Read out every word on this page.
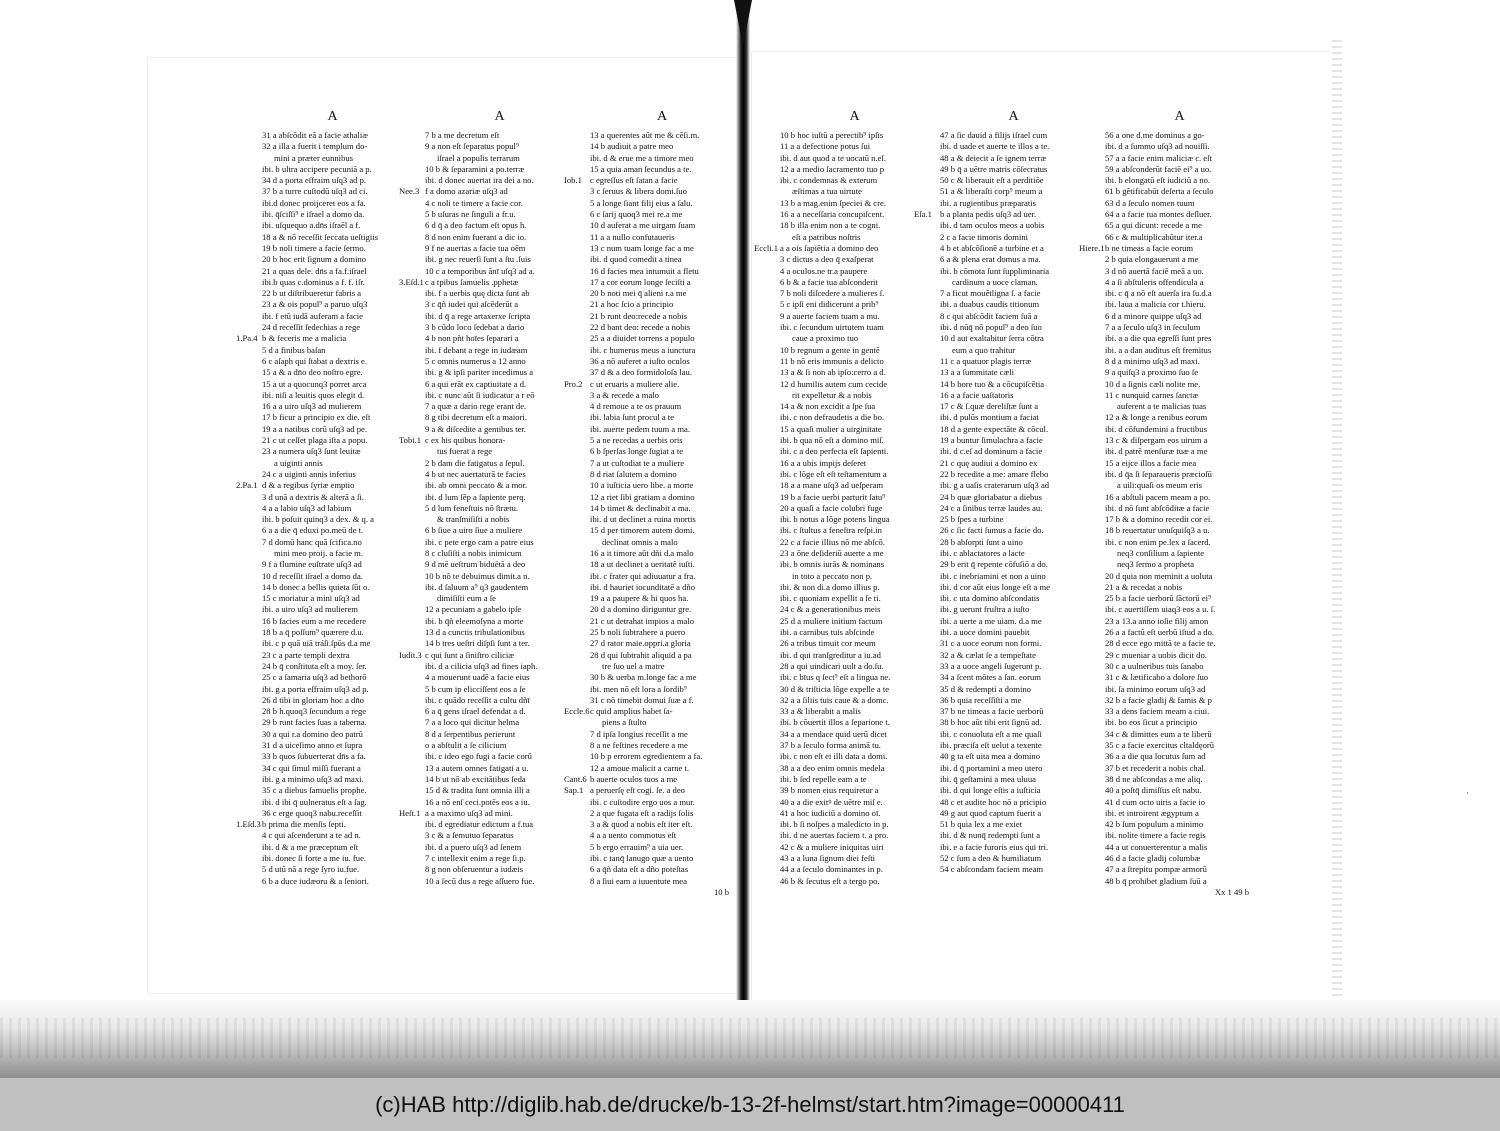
A
31 a abſcōdit eā a facie athaliæ
32 a illa a fuerit i templum do-
mini a præter eunnibus
ibi. b ultra accipere pecuniā a p.
34 d a porta eſfraim uſq3 ad p.
37 b a turre cuſtodū uſq3 ad ci.
ibi.d donec proijceret eos a fa.
ibi. q̄ſciſſi⁹ e iſrael a domo da.
ibi. uſquequo a.dn̄s iſraēl a f.
18 a & nō receſſit ſeccata ueſtigiis
19 b noli timere a facie ſermo.
20 b hoc erit ſignum a domino
21 a quas dele. dn̄s a fa.f.iſrael
ibi.b quas c.dominus a f. f. iſr.
22 b ut diſtribueretur fabris a
23 a & ois popul⁹ a paruo uſq3
ibi. f etū iudā auferam a facie
24 d receſſit ſedechias a rege
1.Pa.4 b & feceris me a malicia
5 d a finibus baſan
6 c aſaph qui ſtabat a dextris e.
15 a & a dn̄o deo noſtro egre.
15 a ut a quocunq3 porret arca
ibi. niſi a leuitis quos elegit d.
16 a a uiro uſq3 ad mulierem
17 b ficur a principio ex die. eſt
19 a a natibus corū uſq3 ad pe.
21 c ut ceſſet plaga iſta a popu.
23 a numera uſq3 ſunt leuitæ
a uiginti annis
24 c a uiginti annis inferius
2.Pa.1 d & a regibus ſyriæ emptio
3 d unā a dextris & alterā a ſi.
4 a a labio uſq3 ad labium
ibi. b poſuit quinq3 a dex. & q. a
6 a a die q̄ eduxi po.meū de t.
7 d domū hanc quā ſcifica.no
mini meo proij. a facie m.
9 f a flumine euſtrate uſq3 ad
10 d receſſit iſrael a domo da.
14 b donec a bellis quieta ſūt o.
15 c moriatur a mini uſq3 ad
ibi. a uiro uſq3 ad mulierem
16 b facies eum a me recedere
18 b a q̄ poſſum⁹ quærere d.u.
ibi. c p quā uiā tráſi.ſpūs d.a me
23 c a parte templi dextra
24 b q̄ conſtituta eſt a moy. ſer.
25 c a ſamaria uſq3 ad bethorō
ibi. g a porta eſfraim uſq3 ad p.
26 d tibi in gloriam hoc a dn̄o
28 b h.quoq3 ſecundum a rege
29 b runt facies ſuas a taberna.
30 a qui r.a domino deo patrū
31 d a uiceſimo anno et ſupra
33 b quos ſubuerterat dn̄s a fa.
34 c qui ſimul miſſi fuerant a
ibi. g a minimo uſq3 ad maxi.
35 c a diebus ſamuelis prophe.
ibi. d ibi q̄ uulneratus eſt a ſag.
36 c erge quoq3 nabu.receſſit
1.Eſd.3b prima die menſis ſepti.
4 c qui aſcenderunt a te ad n.
ibi. d & a me præceptum eſt
ibi. donec ſi forte a me iu. fue.
5 d utū nā a rege ſyro iu.fue.
6 b a duce iudæoru & a ſeniori.
A
7 b a me decretum eſt
9 a non eſt ſeparatus popul⁹
iſrael a populis terrarum
10 b & ſeparamini a po.terræ
ibi. d donec auertat ira dei a no.
Nee.3 f a domo azariæ uſq3 ad
4 c noli te timere a facie cor.
5 b uſuras ne ſinguli a fr.u.
6 d q̄ a deo factum eſt opus h.
8 d non enim fuerant a dic io.
9 f ne auertas a facie tua oēm
ibi. g nec reuerſi ſunt a ſtu .ſuis
10 c a temporibus ānī uſq3 ad a.
3.Eſd.1c a tpibus ſamuelis .pphetæ
ibi. f a uerbis quę dicta ſunt ab
3 c q̄ñ iudei qui aſcēderūt a
ibi. d q̄ a rege artaxerxe ſcripta
3 b cūdo loco ſedebat a dario
4 b non pñt hoīes ſeparari a
ibi. f debant a rege in iudæam
5 c omnis numerus a 12 anno
ibi. g & ipſi pariter incedimus a
6 a qui erāt ex captiuitate a d.
ibi. c nunc aūt ſi iudicatur a r eō
7 a quæ a dario rege erant de.
8 g tibi decretum eſt a maiori.
9 a & diſcedite a gentibus ter.
Tobi.1 c ex his quibus honora-
tus fuerat a rege
2 b dam die fatigatus a ſepul.
4 b ut nec auertaturā te facies
ibi. ab omni peccato & a mor.
ibi. d lum ſēp a ſapiente perq.
5 d lum feneſtuis nō ſtrætu.
& tranſmiſiſti a nobis
6 b ſiue a uiro ſiue a muliere
ibi. c pete ergo cam a patre eius
8 c cluſiſti a nobis inimicum
9 d mē ueſtrum biduētā a deo
10 b nō te debuimus dimit.a n.
ibi. d ſaluum a⁹ q3 gaudentem
dimiſiſti eum a ſe
12 a pecuniam a gabelo ipſe
ibi. b q̄ñ eleemoſyna a morte
13 d a cunctis tribulationibus
14 b tres ueſtri diſpſi ſunt a ter.
Iudit.3 c qui ſunt a ſiniſtro ciliciæ
ibi. d a cilicia uſq3 ad fines iaph.
4 a mouerunt uadē a facie eius
5 b cum ip elicciſſent eos a ſe
ibi. c quādo receſſit a cultu dñī
6 a q̄ gens iſrael defendat a d.
7 a a loco qui dicitur helma
8 d a ſerpentibus perierunt
o a abſtulit a ſe cilicium
ibi. c ideo ego fugi a facie corū
13 a autem omnes fatigati a u.
14 b ut nō ab excitātibus ſeda
15 d & tradita ſunt omnia illi a
16 a nō enſ ceci.potēs eos a iu.
Heſt.1 a a maximo uſq3 ad mini.
ibi. d egrediatur edictum a f.tua
3 c & a ſemutuo ſeparatus
ibi. d a puero uſq3 ad ſenem
7 c intellexit enim a rege ſi.p.
8 g non obſeruentur a iudæis
10 a ſecū dus a rege aſſuero fue.
A
13 a querentes aūt me & cēſi.m.
14 b audiuit a patre meo
ibi. d & erue me a timore meo
15 a quia aman ſecundus a te.
Iob.1 c egreſſus eſt ſatan a facie
3 c ſeruus & libera domi.ſuo
5 a longe ſiant filij eius a ſalu.
6 c ſarij quoq3 mei re.a me
10 d auferat a me uirgam ſuam
11 a a nullo confutaueris
13 c num tuam longe fac a me
ibi. d quod comedit a tinea
16 d facies mea intumuit a fletu
17 a cor eorum longe ſeciſti a
20 b noti mei q̄ alieni r.a me
21 a hoc ſcio a principio
21 b runt deo:recede a nobis
22 d bant deo: recede a nobis
25 a a diuidet torrens a populo
ibi. c humerus meus a iunctura
36 a nō auferet a iuſto oculos
37 d & a deo formidoloſa lau.
Pro.2 c ut eruaris a muliere alie.
3 a & recede a malo
4 d remoue a te os prauum
ibi. labia ſunt procul a te
ibi. auerte pedem tuum a ma.
5 a ne recedas a uerbis oris
6 b ſperſas longe ſugiat a te
7 a ut cuſtodiat te a muliere
8 d riat ſalutem a domino
10 a iuſticia uero libe. a morte
12 a riet ſibi gratiam a domino
14 b timet & declinabit a ma.
ibi. d ut declinet a ruina mortis
15 d per timorem autem domi.
declinat omnis a malo
16 a it timore aūt dñi d.a malo
18 a ut declinet a ueritatē iuſti.
ibi. c frater qui adiuuatur a fra.
ibi. d hauriet iocunditatē a dño
19 a a paupere & hi quos ha.
20 d a domino diriguntur gre.
21 c ut detrahat impios a malo
25 b noli ſubtrahere a puero
27 d rator maie.oppri.a gloria
28 d qui ſubtrahit aliquid a pa
tre ſuo uel a matre
30 b & uerba m.longe fac a me
ibi. men nō eſt lora a ſordib⁹
31 c nō timebit domui ſuæ a f.
Eccle.6c quid amplius habet ſa-
piens a ſtulto
7 d ipſa longius receſſit a me
8 a ne feſtines recedere a me
10 b p errorem egredientem a fa.
12 a amoue malicit a carne t.
Cant.6 b auerte oculos tuos a me
Sap.1 a peruerſę eſt cogi. ſe. a deo
ibi. c cuſtodire ergo uos a mur.
2 a que fugata eſt a radijs ſolis
3 a & quod a nobis eſt iter eſt.
4 a a uento commotus eſt
5 b ergo errauim⁹ a uia uer.
ibi. c tanq̄ lanugo quæ a uento
6 a q̄ñ data eſt a dño poteſtas
8 a ſiui eam a iuuentute mea
10 b
A
10 b hoc iuſtū a perectib⁹ ipſis
11 a a defectione potus ſui
ibi. d aut quod a te uocatū n.eſ.
12 a a medio ſacramento tuo p
ibi. c condemnas & exterum
æſtimas a tua uirtute
13 b a mag.enim ſpeciei & cre.
16 a a neceſſaria concupiſcent.
18 b illa enim non a te cogni.
eſt a patribus noſtris
Eccli.1 a a ois ſapiētia a domino deo
3 c dictus a deo q̄ exaſperat
4 a oculos.ne tr.a paupere
6 b & a facie tua abſconderit
7 b noli diſcedere a mulieres ſ.
5 c ipſi eni didicerunt a prib⁹
9 a auerte faciem tuam a mu.
ibi. c ſecundum uirtutem tuam
caue a proximo tuo
10 b regnum a gente in gentē
11 b nō eris immunis a delicto
13 a & ſi non ab ipſo:cerro a d.
12 d humilis autem cum cecide
rit expelletur & a nobis
14 a & non excidit a ſpe ſua
ibi. c non defraudetis a die bo.
15 a quaſi mulier a uirginitate
ibi. b qua nō eſt a domino miſ.
ibi. c a deo perfecta eſt ſapienti.
16 a a ubis impijs deſeret
ibi. c lōge eſt eſt teſtamentum a
18 a a mane uſq3 ad ueſperam
19 b a facie uerbi parturit ſatu⁹
20 a quaſi a facie colubri fuge
ibi. b notus a lōge potens lingua
ibi. c ſtultus a feneſtra reſpi.in
22 c a facie illius nō me abſcō.
23 a ōne deſideriū auerte a me
ibi. b omnis iurās & nominans
in toto a peccato non p.
ibi. & non di.a domo illius p.
ibi. c quoniam expellit a ſe ti.
24 c & a generationibus meis
25 d a muliere initium factum
ibi. a carnibus tuis abſcinde
26 a tribus timuit cor meum
ibi. d qui tranſgreditur a iu.ad
28 a qui uindicari uult a do.ſu.
ibi. c bīus q ſect⁹ eſt a lingua ne.
30 d & triſticia lōge expelle a te
32 a a ſiliis tuis caue & a domc.
33 a & liberabit a malis
ibi. b cōuertit illos a ſeparione t.
34 a a mendace quid uerū dicet
37 b a ſeculo forma animā tu.
ibi. c non eſt ei illi data a domi.
38 a a deo enim omnis medela
ibi. b ſed repelle eam a te
39 b nomen eius requiretur a
40 a a die exitꝰ de uētre miſ e.
41 a hoc iudiciū a domino oī.
ibi. b ſi noſpes a maledicto in p.
ibi. d ne auertas faciem t. a pro.
42 c & a muliere iniquitas uiri
43 a a luna ſignum diei feſti
44 a a ſeculo dominantes in p.
46 b & ſecutus eſt a tergo po.
A
47 a ſic dauid a filijs iſrael cum
ibi. d uade et auerte te illos a te.
48 a & deiecit a ſe ignem terræ
49 b q̄ a uētre matris cōſecratus
50 c & liberauit eſt a perditiōe
51 a & liberaſti corp⁹ meum a
ibi. a rugientibus præparatis
Eſa.1 b a planta pedis uſq3 ad uer.
ibi. d tam oculos meos a uobis
2 c a facie timoris domini
4 b et abſcōſionē a turbine et a
6 a & plena erat domus a ma.
ibi. b cōmota ſunt ſuppliminaria
cardinum a uoce claman.
7 a ficut mouētligna ſ. a facie
ibi. a duabus caudis titionum
8 c qui abſcōdit faciem ſuā a
ibi. d nūq̄ nō popul⁹ a deo ſuo
10 d aut exaltabitur ſerra cōtra
eum a quo trahitur
11 c a quatuor plagis terræ
13 a a ſummitate cæli
14 b bore tuo & a cōcupiſcētia
16 a a facie uaſtatoris
17 c & ſ.quæ dereliſtæ ſunt a
ibi. d pulūs montium a faciat
18 d a gente expectāte & cōcul.
19 a buntur ſimulachra a facie
ibi. d c.eſ ad dominum a facie
21 c quę audiui a domino ex
22 b recedite a me: amare flebo
ibi. g a uaſis craterarum uſq3 ad
24 b quæ gloriabatur a diebus
24 c a ſinibus terræ laudes au.
25 b ſpes a turbine
26 c ſic facti ſumus a facie do.
28 b abſorpti ſunt a uino
ibi. c ablactatores a lacte
29 b erit q̄ repente cōfuſiō a do.
ibi. c inebriamini et non a uino
ibi. d cor aūt eius longe eſt a me
ibi. c uta domino abſcondatis
ibi. g uerunt fruſtra a iuſto
ibi. a uerte a me uiam. d.a me
ibi. a uoce domini pauebit
31 c a uoce eorum non formi.
32 a & cælat ſe a tempeſtate
33 a a uoce angeli ſugerunt p.
34 a ſcent mōtes a ſan. eorum
35 d & redempti a domino
36 b quia receſſiſti a me
37 b ne timeas a facie uerborū
38 b hoc aūt tibi erit ſignū ad.
ibi. c conuoluta eſt a me quaſi
ibi. præciſa eſt uelut a texente
40 g ta eſt uita mea a domino
ibi. d q̄ portamini a meo utero
ibi. q̄ geſtamini a mea uluua
ibi. d qui longe eſtis a iuſticia
48 c et audite hoc nō a pricipio
49 g aut quod captum fuerit a
51 b quia lex a me exiet
ibi. d & nunq̄ redempti ſunt a
ibi. e a facie furoris eius qui tri.
52 c ſum a deo & humiliatum
54 c abſcondam faciem meam
A
56 a one d.me dominus a go-
ibi. d a ſummo uſq3 ad nouiſſi.
57 a a facie enim maliciæ c. eſt
59 a abſconderūt faciē ei⁹ a uo.
ibi. b elongatū eſt iudiciū a no.
61 b gētificabūt deſerta a ſeculo
63 d a ſeculo nomen tuum
64 a a facie tua montes deſluer.
65 a qui dicunt: recede a me
66 c & multiplicabūtur iter.a
Hiere.1b ne timeas a facie eorum
2 b quia elongauerunt a me
3 d nō auertā faciē meā a uo.
4 a ſi abſtuleris offendicula a
ibi. c q̄ a nō eſt auerſa ira ſu.d.a
ibi. laua a malicia cor t.hieru.
6 d a minore quippe uſq3 ad
7 a a ſeculo uſq3 in ſeculum
ibi. a a die qua egreſſi ſunt pres
ibi. a a dan auditus eſt fremitus
8 d a minimo uſq3 ad maxi.
9 a quiſq3 a proximo ſuo ſe
10 d a ſignis cæli nolite me.
11 c nunquid carnes ſanctæ
auferent a te malicias tuas
12 a & longe a renibus eorum
ibi. d cōfundemini a fructibus
13 c & diſpergam eos uirum a
ibi. d patrē menſuræ tuæ a me
15 a eijce illos a facie mea
ibi. d q̄a ſi ſeparaueris præcioſū
a uili:quaſi os meum eris
16 a abſtuli pacem meam a po.
ibi. d nō ſunt abſcōditæ a facie
17 b & a domino recedit cor ei.
18 b reuertatur unuſquiſq3 a u.
ibi. c non enim pe.lex a ſacerd.
neq3 conſilium a ſapiente
neq3 ſermo a propheta
20 d quia non meminit a uoluta
21 a & recedat a nobis
25 b a facie uerborū ſāctorū ei⁹
ibi. c auertiſſem uiaq3 eos a u. ſ.
23 a 13.a anno ioſie filij amon
26 a a factū eſt uerbū iſtud a do.
28 d ecce ego mittā te a facie te.
29 c mueniar a uobis dicit do.
30 c a uulneribus tuis ſanabo
31 c & lætificabo a dolore ſuo
ibi. ſa minimo eorum uſq3 ad
32 b a facie gladij & famis & p
33 a dens faciem meam a ciui.
ibi. bo eos ſicut a principio
34 c & dimittes eum a te liberū
35 c a facie exercitus cltaldęorū
36 a a die qua locutus ſum ad
37 b et recederit a nobis chal.
38 d ne abſcondas a me aliq.
40 a poſtq̄ dimiſſus eſt nabu.
41 d cum octo uiris a facie io
ibi. et introirent ægyptum a
42 b ſum populum a minimo
ibi. nolite timere a facie regis
44 a ut conuerterentur a malis
46 d a facie gladij columbæ
47 a a ſtrepitu pompæ armorū
48 b q̄ prohibet gladium ſuū a
Xx 1 49 b
·
(c)HAB http://diglib.hab.de/drucke/b-13-2f-helmst/start.htm?image=00000411
